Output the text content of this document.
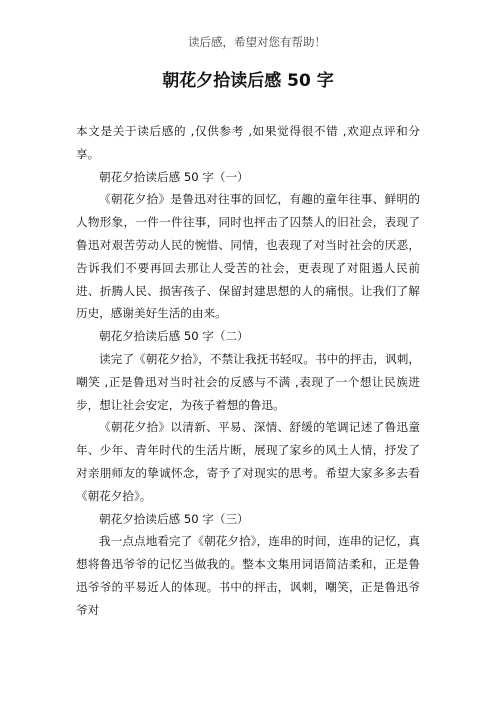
读后感，希望对您有帮助！
朝花夕拾读后感 50 字

本文是关于读后感的 ,仅供参考 ,如果觉得很不错 ,欢迎点评和分享。

朝花夕拾读后感 50 字（一）

《朝花夕拾》是鲁迅对往事的回忆，有趣的童年往事、鲜明的人物形象，一件一件往事，同时也抨击了囚禁人的旧社会，表现了鲁迅对艰苦劳动人民的惋惜、同情，也表现了对当时社会的厌恶，告诉我们不要再回去那让人受苦的社会，更表现了对阻遏人民前进、折腾人民、损害孩子、保留封建思想的人的痛恨。让我们了解历史，感谢美好生活的由来。

朝花夕拾读后感 50 字（二）

读完了《朝花夕拾》，不禁让我抚书轻叹。书中的抨击，讽刺，嘲笑 ,正是鲁迅对当时社会的反感与不满 ,表现了一个想让民族进步，想让社会安定，为孩子着想的鲁迅。

《朝花夕拾》以清新、平易、深情、舒缓的笔调记述了鲁迅童年、少年、青年时代的生活片断，展现了家乡的风土人情，抒发了对亲朋师友的挚诚怀念，寄予了对现实的思考。希望大家多多去看《朝花夕拾》。

朝花夕拾读后感 50 字（三）

我一点点地看完了《朝花夕拾》，连串的时间，连串的记忆，真想将鲁迅爷爷的记忆当做我的。整本文集用词语简洁柔和，正是鲁迅爷爷的平易近人的体现。书中的抨击，讽刺，嘲笑，正是鲁迅爷爷对
